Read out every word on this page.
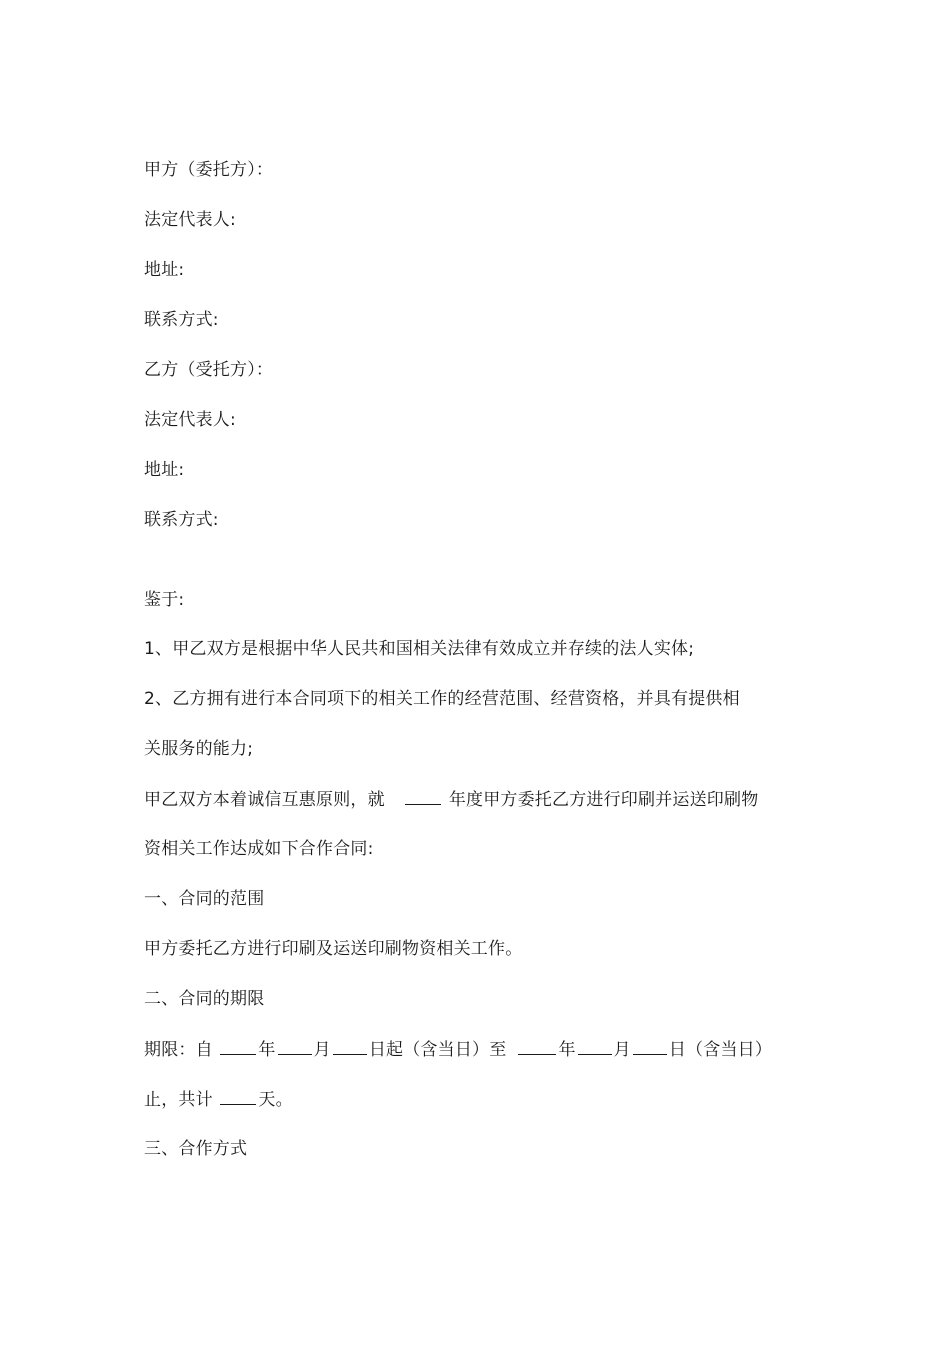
甲方（委托方）：
法定代表人:
地址:
联系方式:
乙方（受托方）：
法定代表人:
地址:
联系方式:
鉴于:
1、甲乙双方是根据中华人民共和国相关法律有效成立并存续的法人实体;
2、乙方拥有进行本合同项下的相关工作的经营范围、经营资格，并具有提供相
关服务的能力;
甲乙双方本着诚信互惠原则，就	年度甲方委托乙方进行印刷并运送印刷物
资相关工作达成如下合作合同:
一、合同的范围
甲方委托乙方进行印刷及运送印刷物资相关工作。
二、合同的期限
期限：自	年 月 日起（含当日）至	年 月 日（含当日）
止，共计	天。
三、合作方式
